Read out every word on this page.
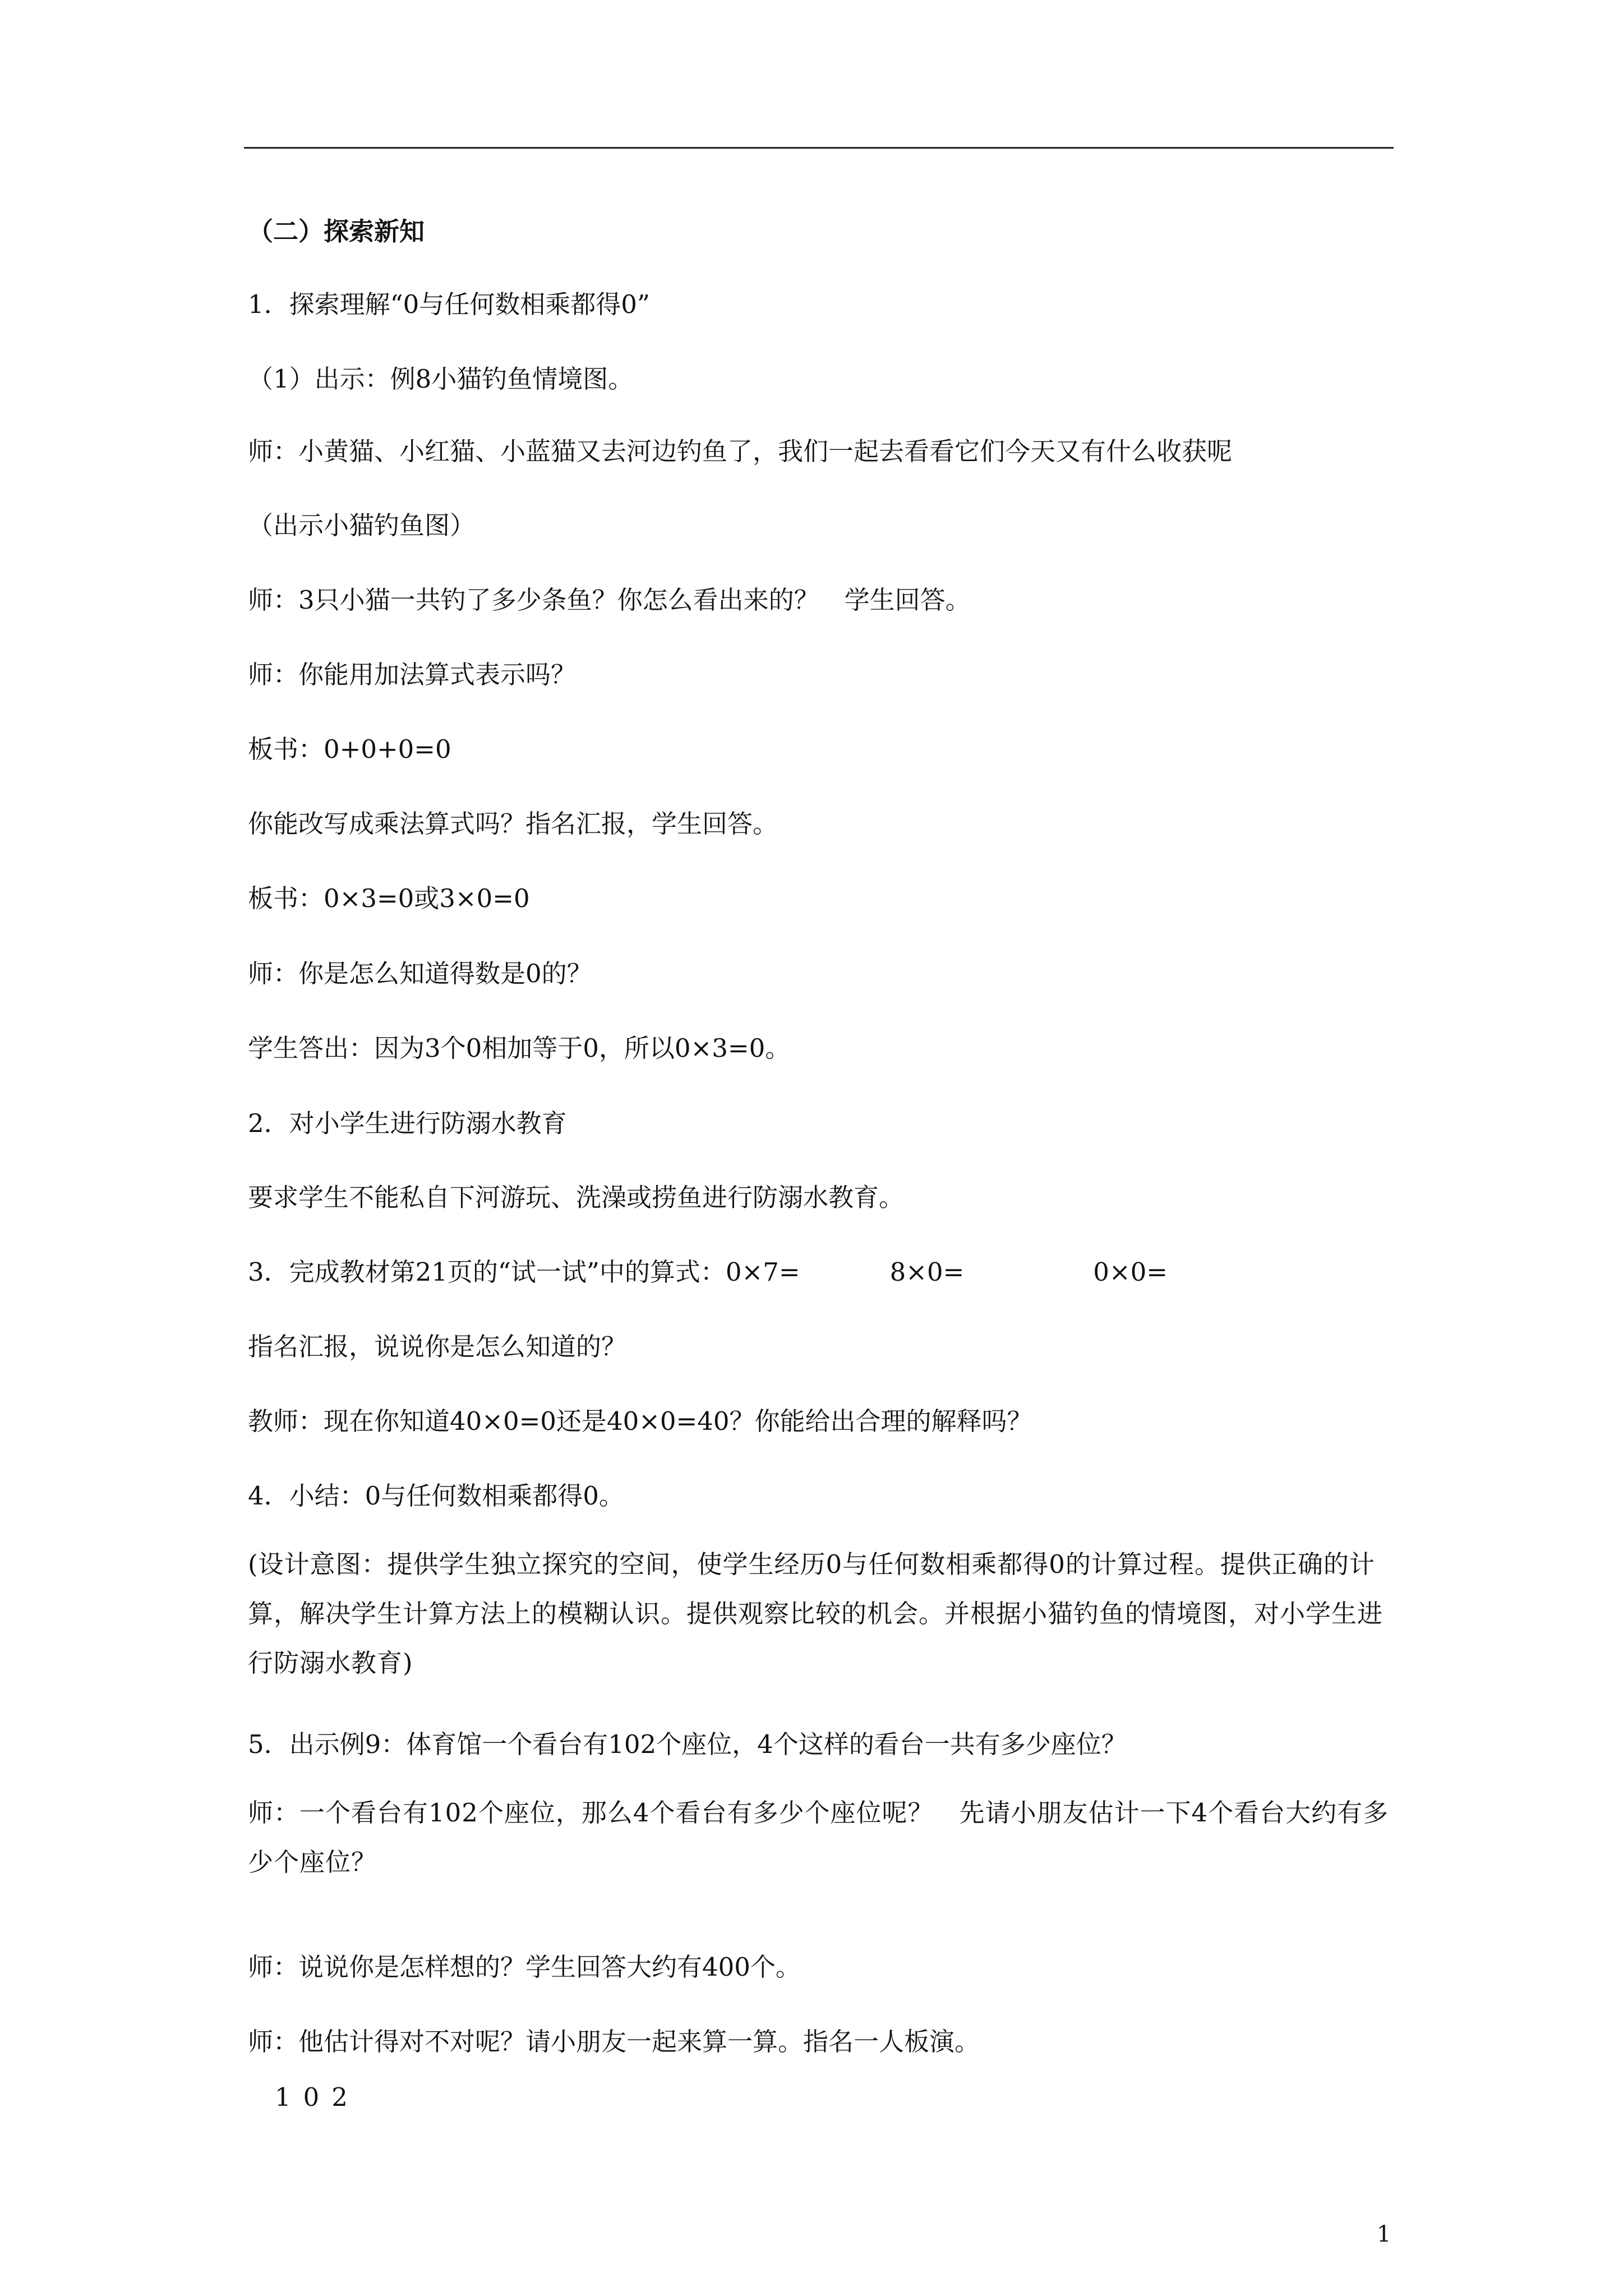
（二）探索新知
1．探索理解“0与任何数相乘都得0”
（1）出示：例8小猫钓鱼情境图。
师：小黄猫、小红猫、小蓝猫又去河边钓鱼了，我们一起去看看它们今天又有什么收获呢
（出示小猫钓鱼图）
师：3只小猫一共钓了多少条鱼？你怎么看出来的？　学生回答。
师：你能用加法算式表示吗？
板书：0+0+0=0
你能改写成乘法算式吗？指名汇报，学生回答。
板书：0×3=0或3×0=0
师：你是怎么知道得数是0的？
学生答出：因为3个0相加等于0，所以0×3=0。
2．对小学生进行防溺水教育
要求学生不能私自下河游玩、洗澡或捞鱼进行防溺水教育。
3．完成教材第21页的“试一试”中的算式：0×7=	8×0=	0×0=
指名汇报，说说你是怎么知道的？
教师：现在你知道40×0=0还是40×0=40？你能给出合理的解释吗？
4．小结：0与任何数相乘都得0。
(设计意图：提供学生独立探究的空间，使学生经历0与任何数相乘都得0的计算过程。提供正确的计算，解决学生计算方法上的模糊认识。提供观察比较的机会。并根据小猫钓鱼的情境图，对小学生进行防溺水教育)
5．出示例9：体育馆一个看台有102个座位，4个这样的看台一共有多少座位？
师：一个看台有102个座位，那么4个看台有多少个座位呢？　先请小朋友估计一下4个看台大约有多少个座位？
师：说说你是怎样想的？学生回答大约有400个。
师：他估计得对不对呢？请小朋友一起来算一算。指名一人板演。
102
1
